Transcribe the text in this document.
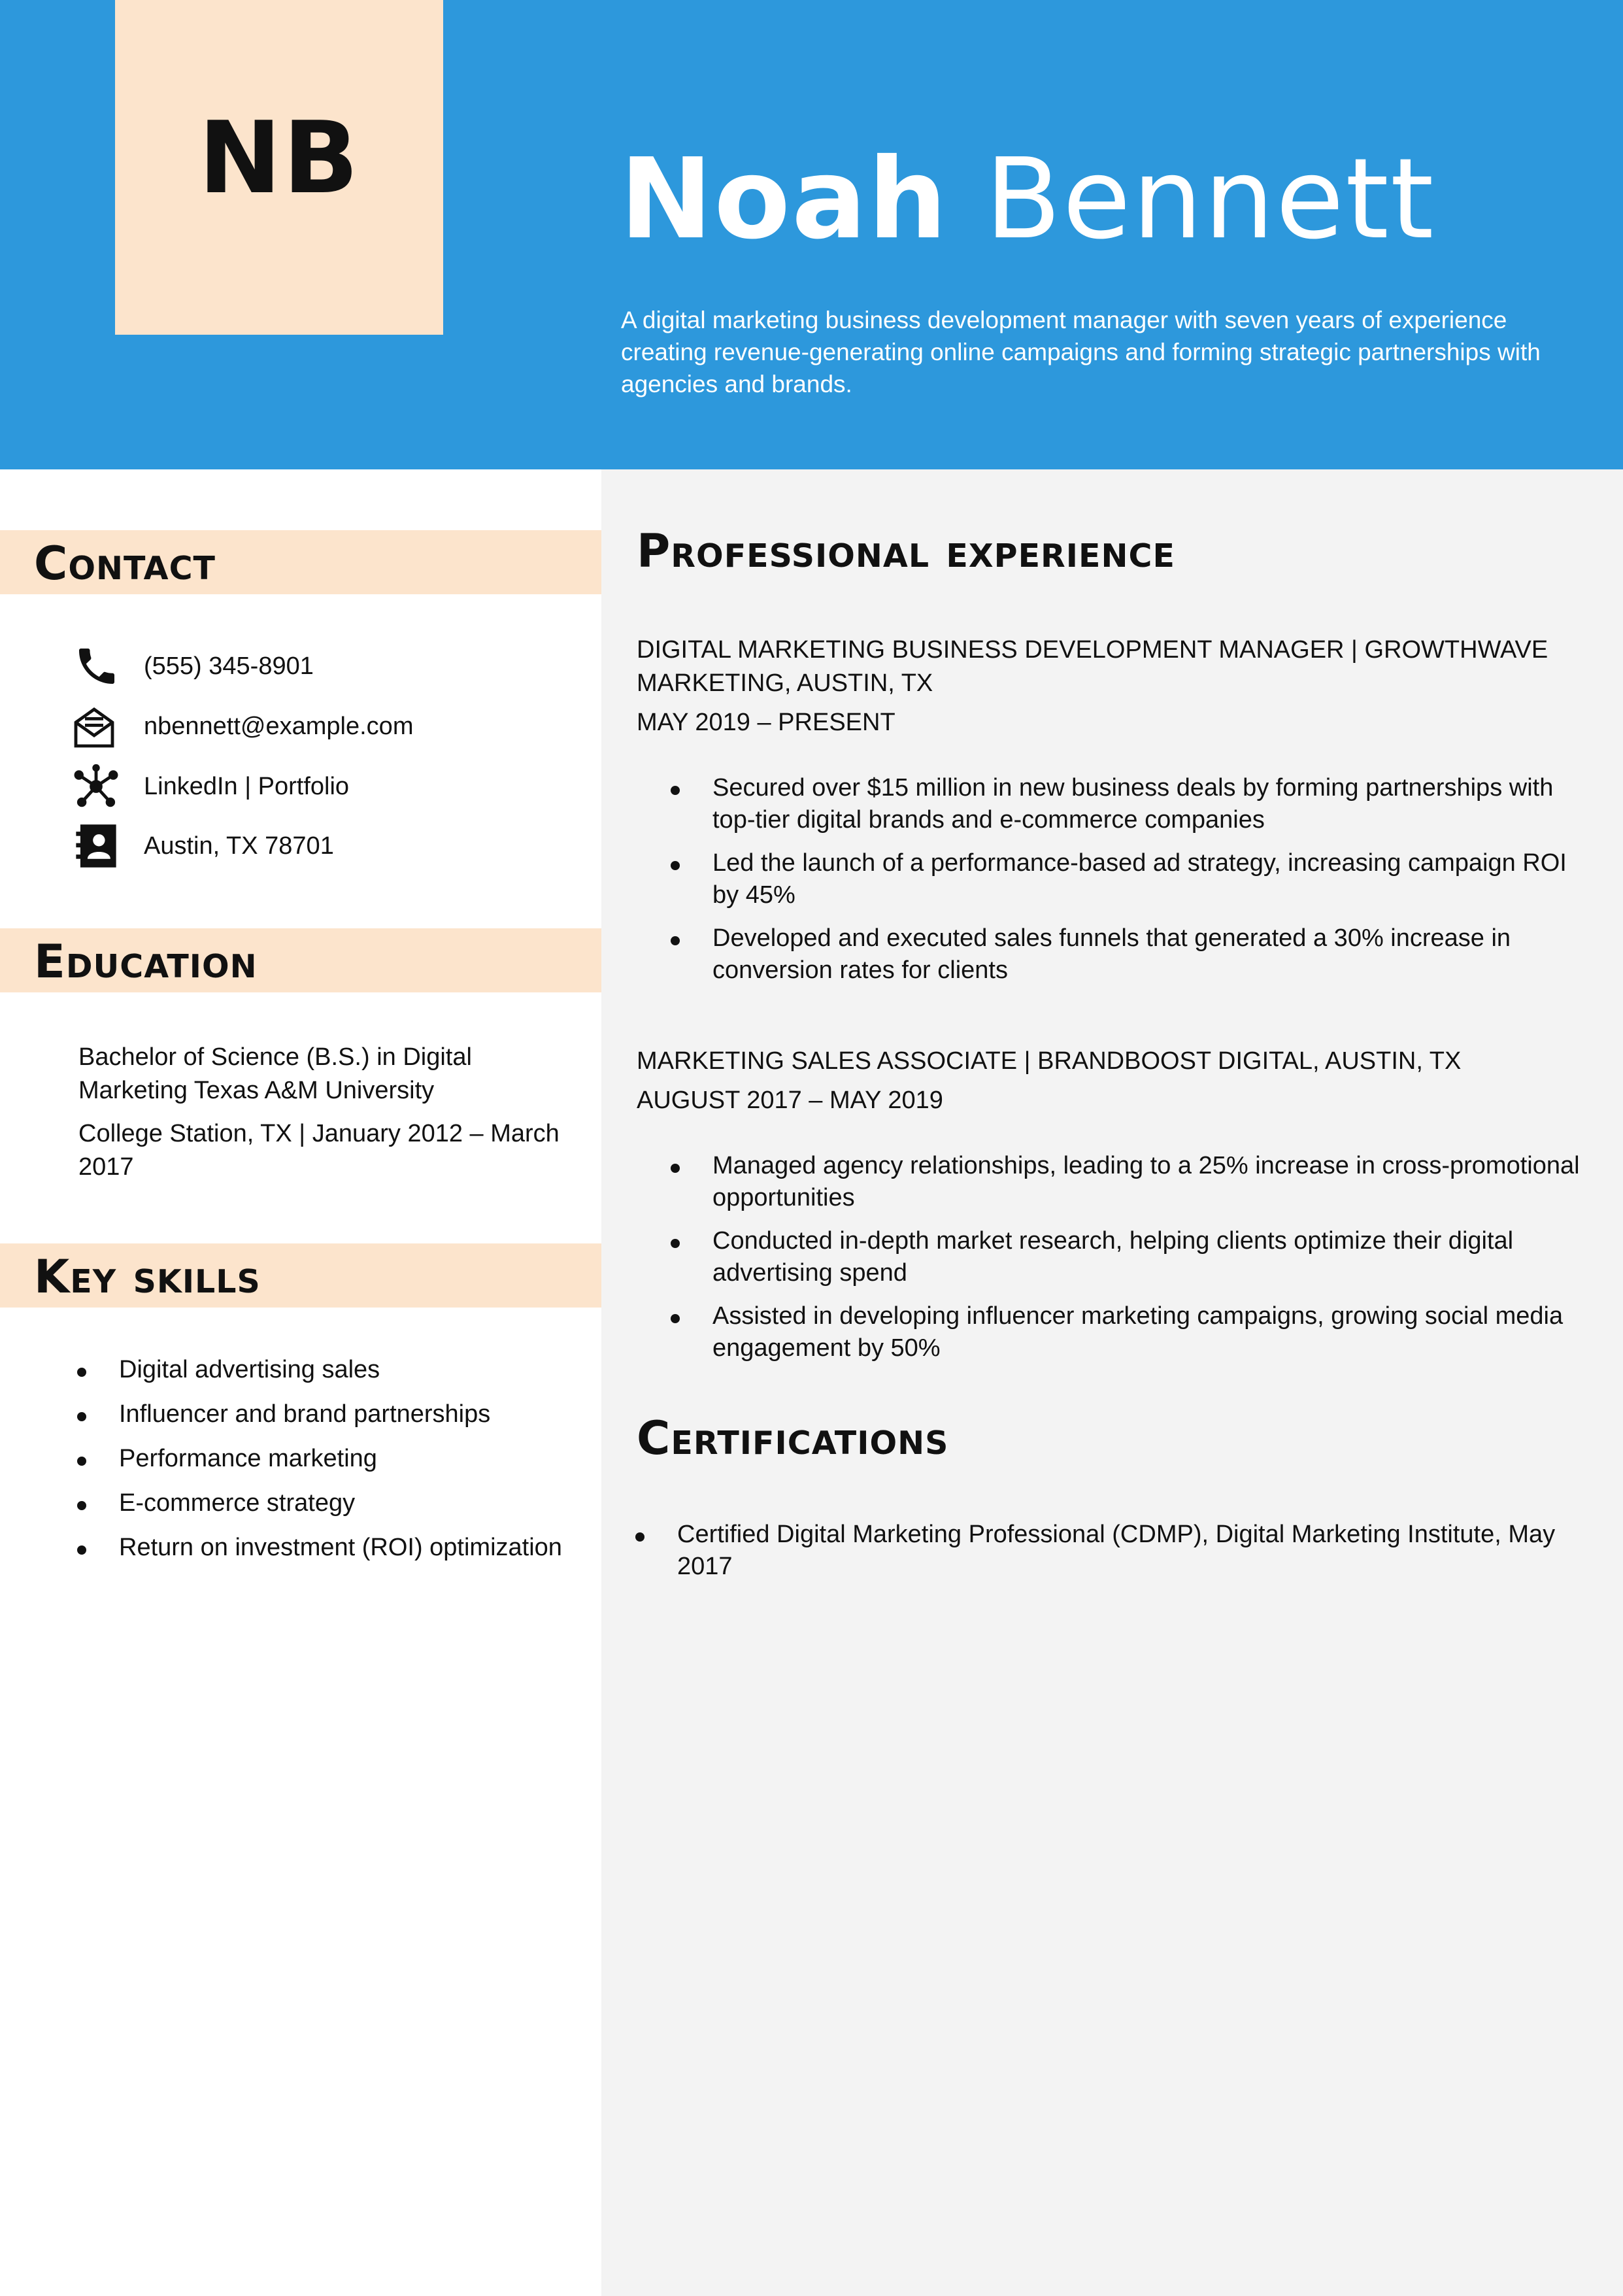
NB Noah Bennett
A digital marketing business development manager with seven years of experience creating revenue-generating online campaigns and forming strategic partnerships with agencies and brands.
Contact
(555) 345-8901
nbennett@example.com
LinkedIn | Portfolio
Austin, TX 78701
Education
Bachelor of Science (B.S.) in Digital Marketing Texas A&M University
College Station, TX | January 2012 – March 2017
Key skills
Digital advertising sales
Influencer and brand partnerships
Performance marketing
E-commerce strategy
Return on investment (ROI) optimization
Professional experience
DIGITAL MARKETING BUSINESS DEVELOPMENT MANAGER | GROWTHWAVE MARKETING, AUSTIN, TX
MAY 2019 – PRESENT
Secured over $15 million in new business deals by forming partnerships with top-tier digital brands and e-commerce companies
Led the launch of a performance-based ad strategy, increasing campaign ROI by 45%
Developed and executed sales funnels that generated a 30% increase in conversion rates for clients
MARKETING SALES ASSOCIATE | BRANDBOOST DIGITAL, AUSTIN, TX
AUGUST 2017 – MAY 2019
Managed agency relationships, leading to a 25% increase in cross-promotional opportunities
Conducted in-depth market research, helping clients optimize their digital advertising spend
Assisted in developing influencer marketing campaigns, growing social media engagement by 50%
Certifications
Certified Digital Marketing Professional (CDMP), Digital Marketing Institute, May 2017
